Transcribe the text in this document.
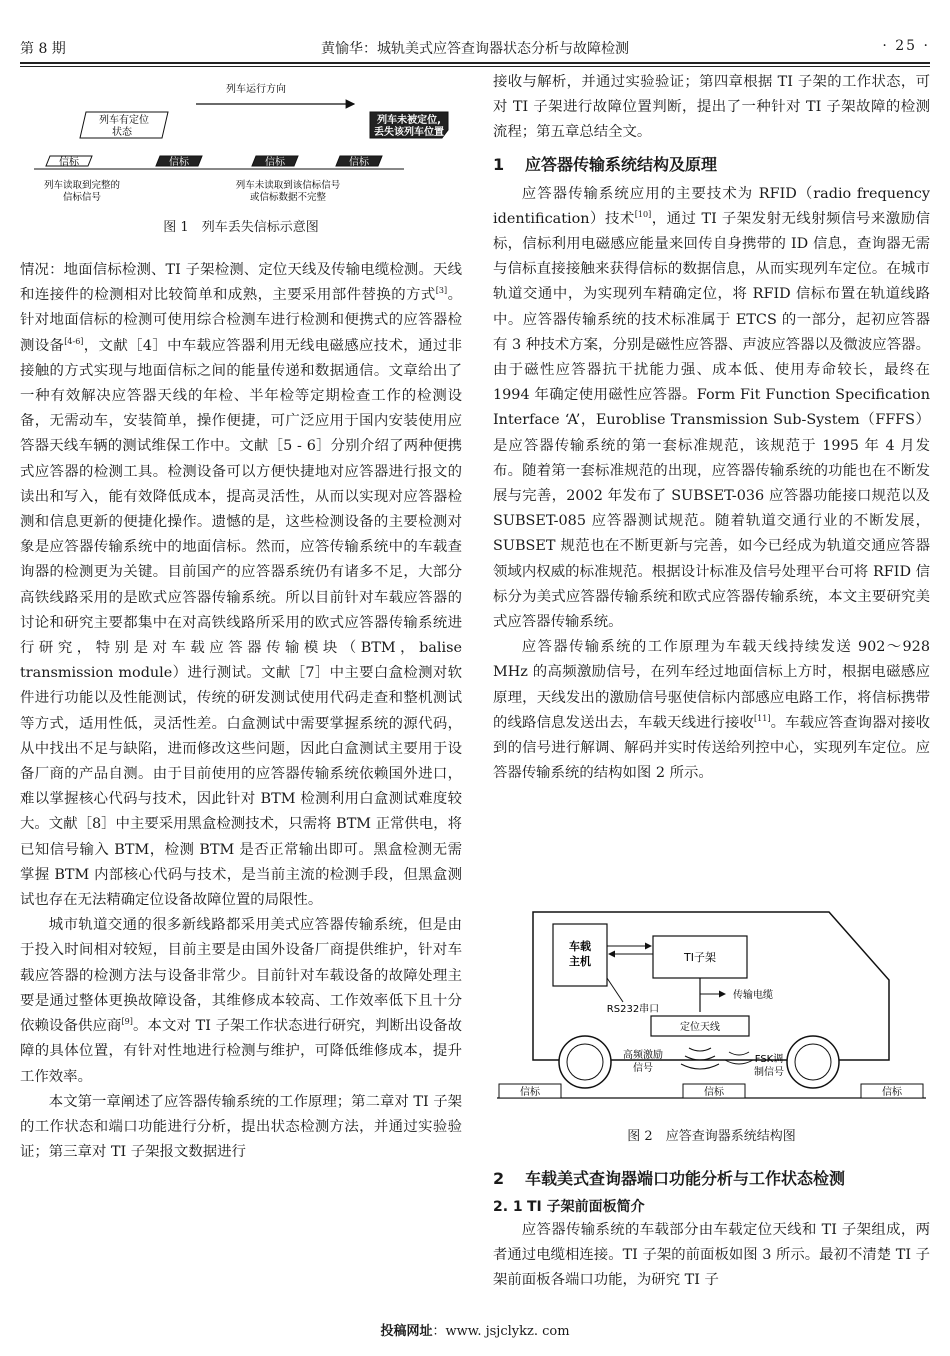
第 8 期	黄愉华：城轨美式应答查询器状态分析与故障检测	· 25 ·
列车运行方向
列车有定位
状态
列车未被定位,
丢失该列车位置
信标	信标	信标	信标
列车读取到完整的
信标信号
列车未读取到该信标信号
或信标数据不完整
图 1　列车丢失信标示意图

情况：地面信标检测、TI 子架检测、定位天线及传输电缆检测。天线和连接件的检测相对比较简单和成熟，主要采用部件替换的方式[3]。针对地面信标的检测可使用综合检测车进行检测和便携式的应答器检测设备[4-6]，文献［4］中车载应答器利用无线电磁感应技术，通过非接触的方式实现与地面信标之间的能量传递和数据通信。文章给出了一种有效解决应答器天线的年检、半年检等定期检查工作的检测设备，无需动车，安装简单，操作便捷，可广泛应用于国内安装使用应答器天线车辆的测试维保工作中。文献［5 - 6］分别介绍了两种便携式应答器的检测工具。检测设备可以方便快捷地对应答器进行报文的读出和写入，能有效降低成本，提高灵活性，从而以实现对应答器检测和信息更新的便捷化操作。遗憾的是，这些检测设备的主要检测对象是应答器传输系统中的地面信标。然而，应答传输系统中的车载查询器的检测更为关键。目前国产的应答器系统仍有诸多不足，大部分高铁线路采用的是欧式应答器传输系统。所以目前针对车载应答器的讨论和研究主要都集中在对高铁线路所采用的欧式应答器传输系统进行研究，特别是对车载应答器传输模块（BTM，balise transmission module）进行测试。文献［7］中主要白盒检测对软件进行功能以及性能测试，传统的研发测试使用代码走查和整机测试等方式，适用性低，灵活性差。白盒测试中需要掌握系统的源代码，从中找出不足与缺陷，进而修改这些问题，因此白盒测试主要用于设备厂商的产品自测。由于目前使用的应答器传输系统依赖国外进口，难以掌握核心代码与技术，因此针对 BTM 检测利用白盒测试难度较大。文献［8］中主要采用黑盒检测技术，只需将 BTM 正常供电，将已知信号输入 BTM，检测 BTM 是否正常输出即可。黑盒检测无需掌握 BTM 内部核心代码与技术，是当前主流的检测手段，但黑盒测试也存在无法精确定位设备故障位置的局限性。

城市轨道交通的很多新线路都采用美式应答器传输系统，但是由于投入时间相对较短，目前主要是由国外设备厂商提供维护，针对车载应答器的检测方法与设备非常少。目前针对车载设备的故障处理主要是通过整体更换故障设备，其维修成本较高、工作效率低下且十分依赖设备供应商[9]。本文对 TI 子架工作状态进行研究，判断出设备故障的具体位置，有针对性地进行检测与维护，可降低维修成本，提升工作效率。

本文第一章阐述了应答器传输系统的工作原理；第二章对 TI 子架的工作状态和端口功能进行分析，提出状态检测方法，并通过实验验证；第三章对 TI 子架报文数据进行

接收与解析，并通过实验验证；第四章根据 TI 子架的工作状态，可对 TI 子架进行故障位置判断，提出了一种针对 TI 子架故障的检测流程；第五章总结全文。

1 应答器传输系统结构及原理

应答器传输系统应用的主要技术为 RFID（radio frequency identification）技术[10]，通过 TI 子架发射无线射频信号来激励信标，信标利用电磁感应能量来回传自身携带的 ID 信息，查询器无需与信标直接接触来获得信标的数据信息，从而实现列车定位。在城市轨道交通中，为实现列车精确定位，将 RFID 信标布置在轨道线路中。应答器传输系统的技术标准属于 ETCS 的一部分，起初应答器有 3 种技术方案，分别是磁性应答器、声波应答器以及微波应答器。由于磁性应答器抗干扰能力强、成本低、使用寿命较长，最终在 1994 年确定使用磁性应答器。Form Fit Function Specification Interface ‘A’，Euroblise Transmission Sub-System（FFFS）是应答器传输系统的第一套标准规范，该规范于 1995 年 4 月发布。随着第一套标准规范的出现，应答器传输系统的功能也在不断发展与完善，2002 年发布了 SUBSET-036 应答器功能接口规范以及 SUBSET-085 应答器测试规范。随着轨道交通行业的不断发展，SUBSET 规范也在不断更新与完善，如今已经成为轨道交通应答器领域内权威的标准规范。根据设计标准及信号处理平台可将 RFID 信标分为美式应答器传输系统和欧式应答器传输系统，本文主要研究美式应答器传输系统。

应答器传输系统的工作原理为车载天线持续发送 902～928 MHz 的高频激励信号，在列车经过地面信标上方时，根据电磁感应原理，天线发出的激励信号驱使信标内部感应电路工作，将信标携带的线路信息发送出去，车载天线进行接收[11]。车载应答查询器对接收到的信号进行解调、解码并实时传送给列控中心，实现列车定位。应答器传输系统的结构如图 2 所示。

车载
主机	TI子架
RS232串口
传输电缆
定位天线
高频激励
信号
FSK调
制信号
信标	信标	信标
图 2　应答查询器系统结构图
2 车载美式查询器端口功能分析与工作状态检测
2. 1 TI 子架前面板简介

应答器传输系统的车载部分由车载定位天线和 TI 子架组成，两者通过电缆相连接。TI 子架的前面板如图 3 所示。最初不清楚 TI 子架前面板各端口功能，为研究 TI 子

投稿网址：www. jsjclykz. com
